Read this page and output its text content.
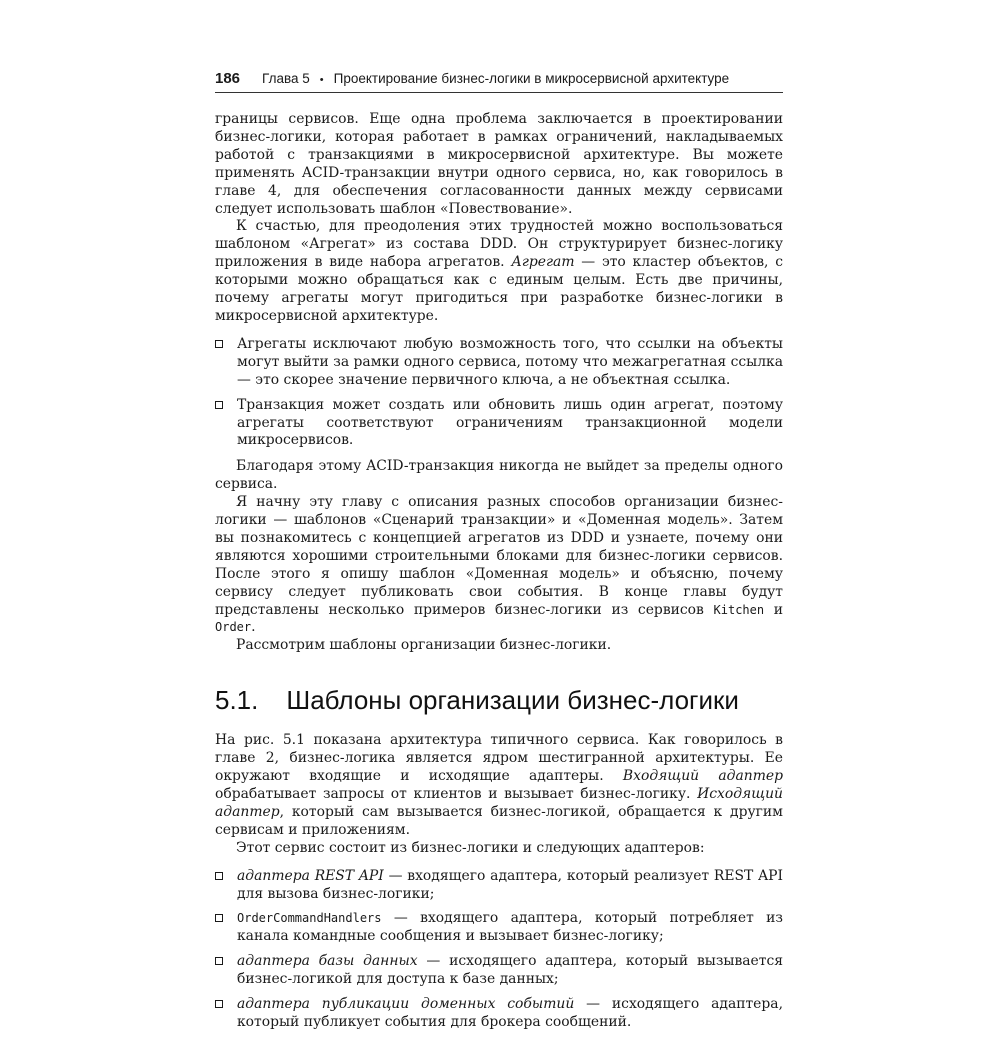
186 Глава 5 • Проектирование бизнес-логики в микросервисной архитектуре

границы сервисов. Еще одна проблема заключается в проектировании бизнес-логики, которая работает в рамках ограничений, накладываемых работой с транзакциями в микросервисной архитектуре. Вы можете применять ACID-транзакции внутри одного сервиса, но, как говорилось в главе 4, для обеспечения согласованности данных между сервисами следует использовать шаблон «Повествование».

К счастью, для преодоления этих трудностей можно воспользоваться шаблоном «Агрегат» из состава DDD. Он структурирует бизнес-логику приложения в виде набора агрегатов. Агрегат — это кластер объектов, с которыми можно обращаться как с единым целым. Есть две причины, почему агрегаты могут пригодиться при разработке бизнес-логики в микросервисной архитектуре.

Агрегаты исключают любую возможность того, что ссылки на объекты могут выйти за рамки одного сервиса, потому что межагрегатная ссылка — это скорее значение первичного ключа, а не объектная ссылка.
Транзакция может создать или обновить лишь один агрегат, поэтому агрегаты соответствуют ограничениям транзакционной модели микросервисов.

Благодаря этому ACID-транзакция никогда не выйдет за пределы одного сервиса.

Я начну эту главу с описания разных способов организации бизнес-логики — шаблонов «Сценарий транзакции» и «Доменная модель». Затем вы познакомитесь с концепцией агрегатов из DDD и узнаете, почему они являются хорошими строительными блоками для бизнес-логики сервисов. После этого я опишу шаблон «Доменная модель» и объясню, почему сервису следует публиковать свои события. В конце главы будут представлены несколько примеров бизнес-логики из сервисов Kitchen и Order.

Рассмотрим шаблоны организации бизнес-логики.

5.1. Шаблоны организации бизнес-логики

На рис. 5.1 показана архитектура типичного сервиса. Как говорилось в главе 2, бизнес-логика является ядром шестигранной архитектуры. Ее окружают входящие и исходящие адаптеры. Входящий адаптер обрабатывает запросы от клиентов и вызывает бизнес-логику. Исходящий адаптер, который сам вызывается бизнес-логикой, обращается к другим сервисам и приложениям.

Этот сервис состоит из бизнес-логики и следующих адаптеров:

адаптера REST API — входящего адаптера, который реализует REST API для вызова бизнес-логики;
OrderCommandHandlers — входящего адаптера, который потребляет из канала командные сообщения и вызывает бизнес-логику;
адаптера базы данных — исходящего адаптера, который вызывается бизнес-логикой для доступа к базе данных;
адаптера публикации доменных событий — исходящего адаптера, который публикует события для брокера сообщений.
